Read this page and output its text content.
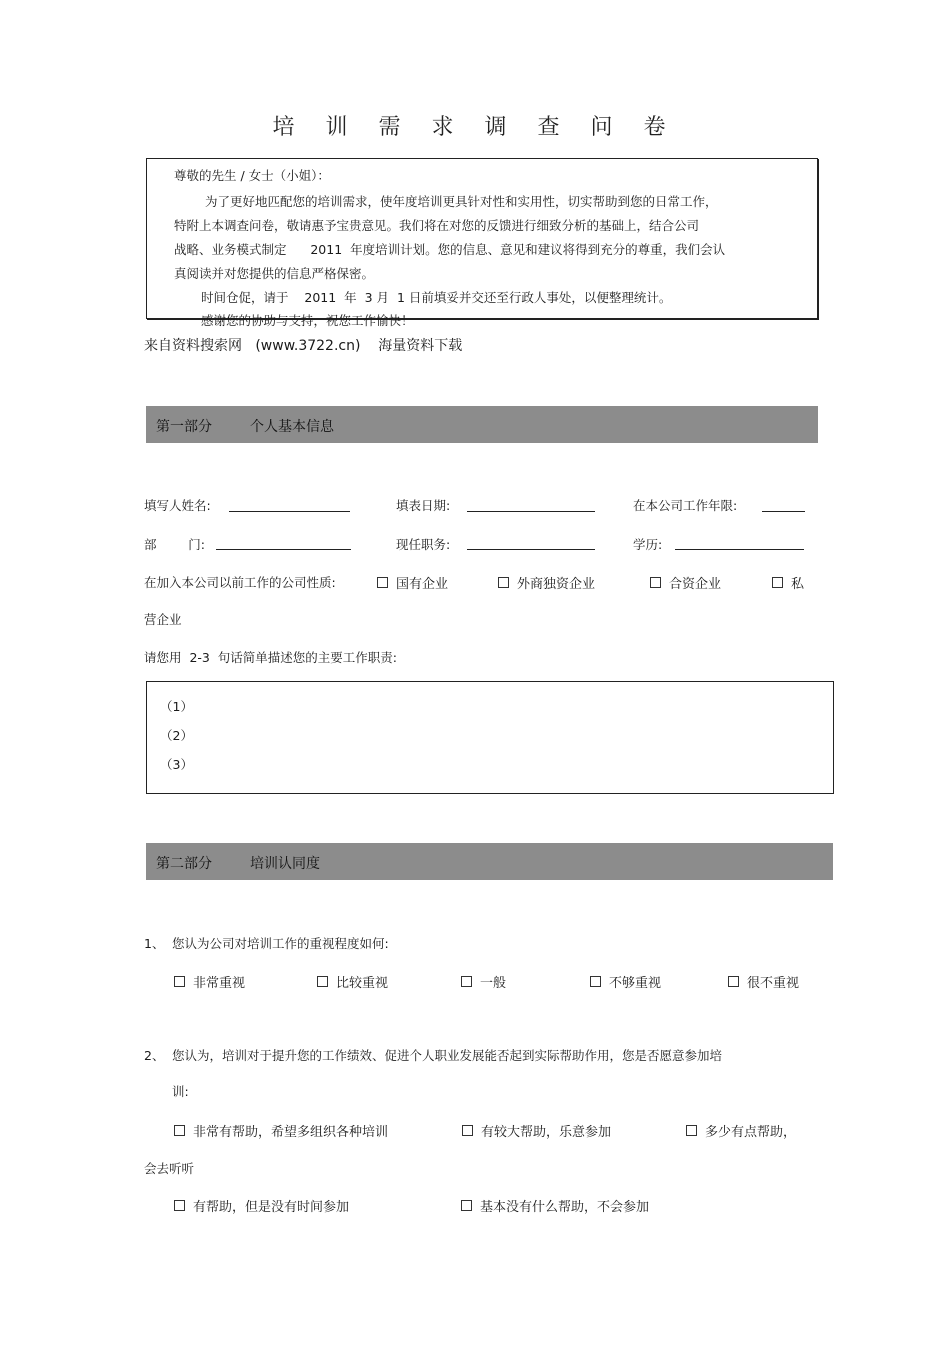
培 训 需 求 调 查 问 卷
尊敬的先生 / 女士（小姐）：
为了更好地匹配您的培训需求，使年度培训更具针对性和实用性，切实帮助到您的日常工作，
特附上本调查问卷，敬请惠予宝贵意见。我们将在对您的反馈进行细致分析的基础上，结合公司
战略、业务模式制定      2011  年度培训计划。您的信息、意见和建议将得到充分的尊重，我们会认
真阅读并对您提供的信息严格保密。
时间仓促，请于    2011  年  3 月  1 日前填妥并交还至行政人事处，以便整理统计。
感谢您的协助与支持，祝您工作愉快！
来自资料搜索网   (www.3722.cn)    海量资料下载
第一部分	个人基本信息
填写人姓名:	填表日期:	在本公司工作年限:
部        门:	现任职务:	学历:
在加入本公司以前工作的公司性质:	国有企业	外商独资企业	合资企业	私
营企业
请您用  2-3  句话简单描述您的主要工作职责:
（1）
（2）
（3）
第二部分	培训认同度
1、 您认为公司对培训工作的重视程度如何:
非常重视	比较重视	一般	不够重视	很不重视
2、 您认为，培训对于提升您的工作绩效、促进个人职业发展能否起到实际帮助作用，您是否愿意参加培
训:
非常有帮助，希望多组织各种培训	有较大帮助，乐意参加	多少有点帮助，
会去听听
有帮助，但是没有时间参加	基本没有什么帮助，不会参加
